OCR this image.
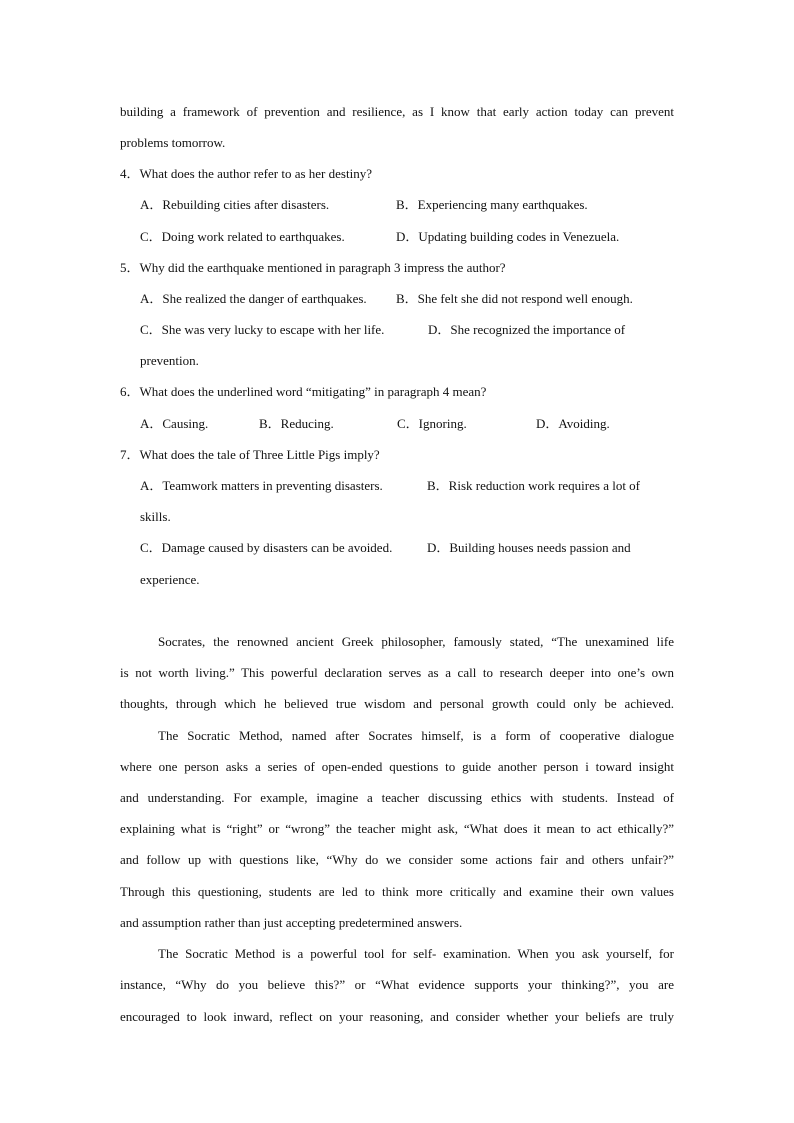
building a framework of prevention and resilience, as I know that early action today can prevent
problems tomorrow.
4．What does the author refer to as her destiny?
A．Rebuilding cities after disasters.	B．Experiencing many earthquakes.
C．Doing work related to earthquakes.	D．Updating building codes in Venezuela.
5．Why did the earthquake mentioned in paragraph 3 impress the author?
A．She realized the danger of earthquakes. B．She felt she did not respond well enough.
C．She was very lucky to escape with her life.	D．She recognized the importance of
prevention.
6．What does the underlined word “mitigating” in paragraph 4 mean?
A．Causing.	B．Reducing.	C．Ignoring.	D．Avoiding.
7．What does the tale of Three Little Pigs imply?
A．Teamwork matters in preventing disasters.	B．Risk reduction work requires a lot of
skills.
C．Damage caused by disasters can be avoided.	D．Building houses needs passion and
experience.
Socrates, the renowned ancient Greek philosopher, famously stated, “The unexamined life
is not worth living.” This powerful declaration serves as a call to research deeper into one’s own
thoughts, through which he believed true wisdom and personal growth could only be achieved.
The Socratic Method, named after Socrates himself, is a form of cooperative dialogue
where one person asks a series of open-ended questions to guide another person i toward insight
and understanding. For example, imagine a teacher discussing ethics with students. Instead of
explaining what is “right” or “wrong” the teacher might ask, “What does it mean to act ethically?”
and follow up with questions like, “Why do we consider some actions fair and others unfair?”
Through this questioning, students are led to think more critically and examine their own values
and assumption rather than just accepting predetermined answers.
The Socratic Method is a powerful tool for self- examination. When you ask yourself, for
instance, “Why do you believe this?” or “What evidence supports your thinking?”, you are
encouraged to look inward, reflect on your reasoning, and consider whether your beliefs are truly
